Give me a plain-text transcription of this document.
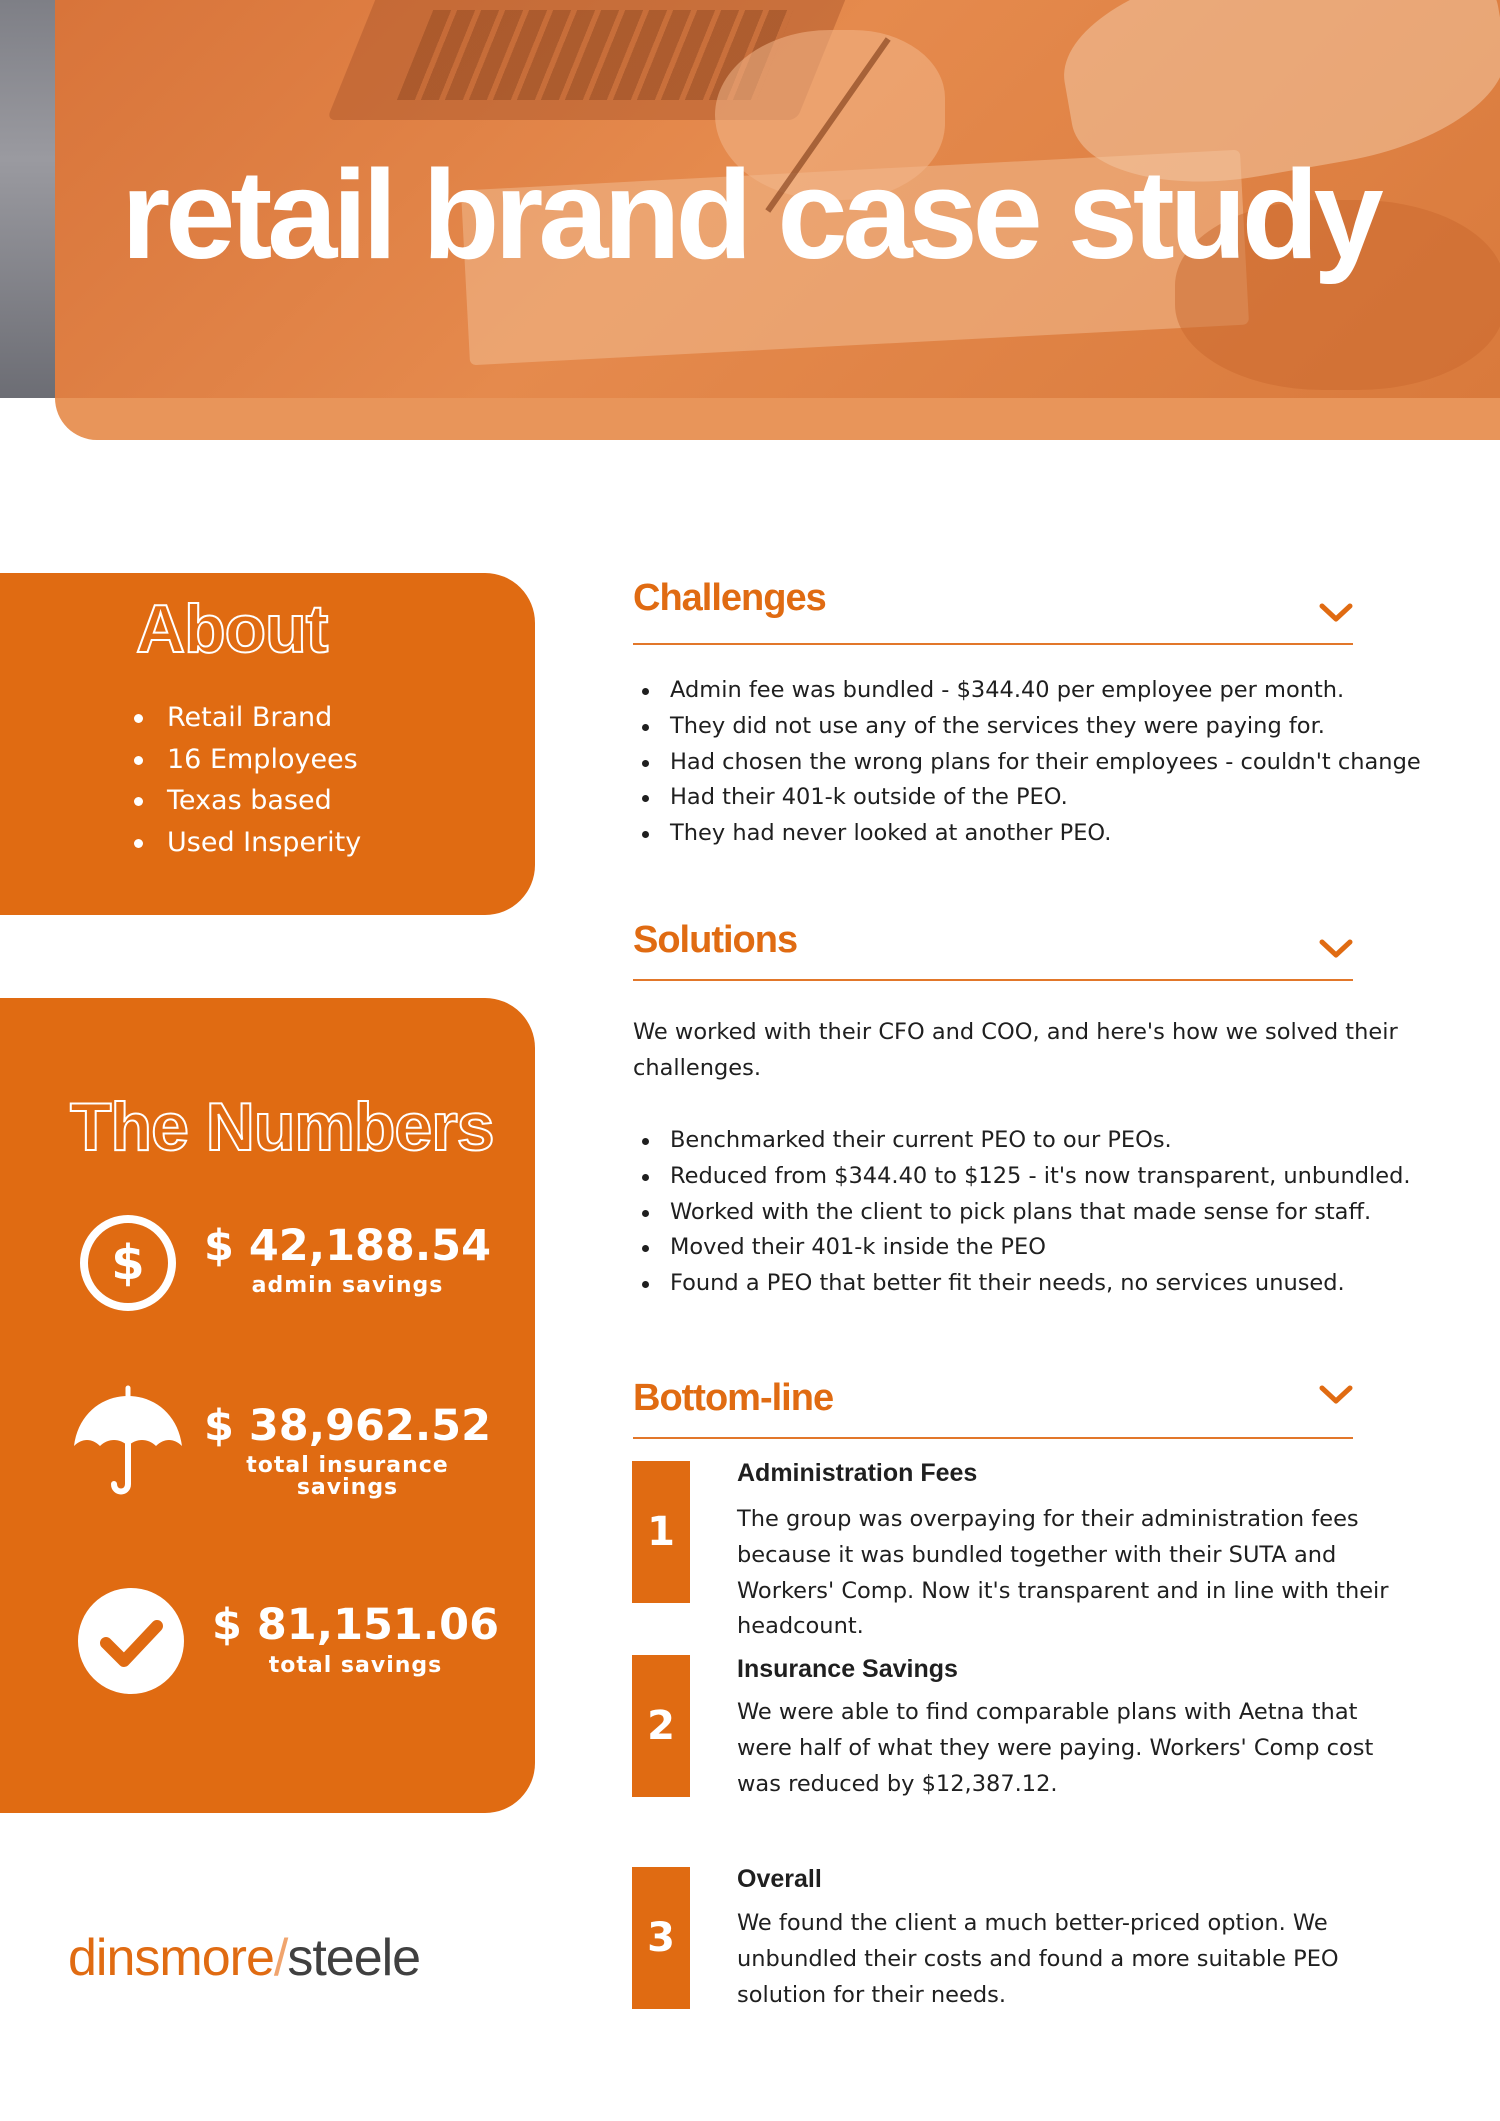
retail brand case study
About
Retail Brand
16 Employees
Texas based
Used Insperity
The Numbers
$ $ 42,188.54
admin savings
$ 38,962.52
total insurance savings
$ 81,151.06
total savings
dinsmore/steele
Challenges
Admin fee was bundled - $344.40 per employee per month.
They did not use any of the services they were paying for.
Had chosen the wrong plans for their employees - couldn't change
Had their 401-k outside of the PEO.
They had never looked at another PEO.
Solutions
We worked with their CFO and COO, and here's how we solved their challenges.
Benchmarked their current PEO to our PEOs.
Reduced from $344.40 to $125 - it's now transparent, unbundled.
Worked with the client to pick plans that made sense for staff.
Moved their 401-k inside the PEO
Found a PEO that better fit their needs, no services unused.
Bottom-line
1
Administration Fees
The group was overpaying for their administration fees because it was bundled together with their SUTA and Workers' Comp. Now it's transparent and in line with their headcount.
2
Insurance Savings
We were able to find comparable plans with Aetna that were half of what they were paying. Workers' Comp cost was reduced by $12,387.12.
3
Overall
We found the client a much better-priced option. We unbundled their costs and found a more suitable PEO solution for their needs.
